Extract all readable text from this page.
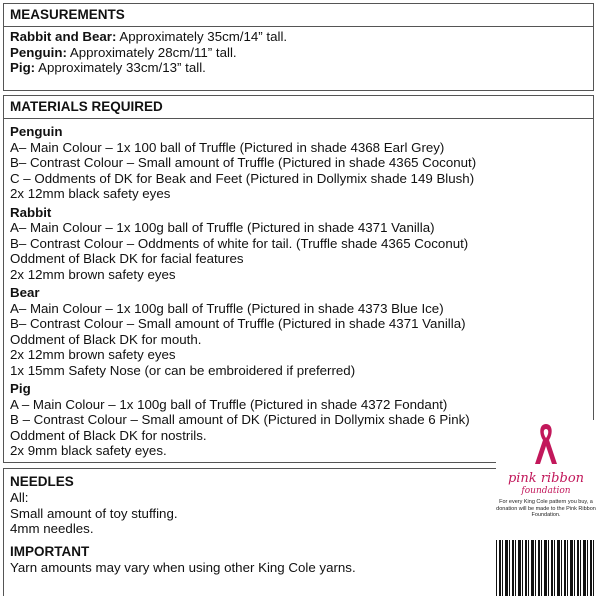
MEASUREMENTS
Rabbit and Bear: Approximately 35cm/14” tall.
Penguin: Approximately 28cm/11” tall.
Pig: Approximately 33cm/13” tall.
MATERIALS REQUIRED
Penguin
A– Main Colour – 1x 100 ball of Truffle (Pictured in shade 4368 Earl Grey)
B– Contrast Colour – Small amount of Truffle (Pictured in shade 4365 Coconut)
C – Oddments of DK for Beak and Feet (Pictured in Dollymix shade 149 Blush)
2x 12mm black safety eyes
Rabbit
A– Main Colour – 1x 100g ball of Truffle (Pictured in shade 4371 Vanilla)
B– Contrast Colour – Oddments of white for tail. (Truffle shade 4365 Coconut)
Oddment of Black DK for facial features
2x 12mm brown safety eyes
Bear
A– Main Colour – 1x 100g ball of Truffle (Pictured in shade 4373 Blue Ice)
B– Contrast Colour – Small amount of Truffle (Pictured in shade 4371 Vanilla)
Oddment of Black DK for mouth.
2x 12mm brown safety eyes
1x 15mm Safety Nose (or can be embroidered if preferred)
Pig
A – Main Colour – 1x 100g ball of Truffle (Pictured in shade 4372 Fondant)
B – Contrast Colour – Small amount of DK (Pictured in Dollymix shade 6 Pink)
Oddment of Black DK for nostrils.
2x 9mm black safety eyes.
NEEDLES
All:
Small amount of toy stuffing.
4mm needles.
IMPORTANT
Yarn amounts may vary when using other King Cole yarns.
pink ribbon
foundation
For every King Cole pattern you buy, a donation will be made to the Pink Ribbon Foundation.
